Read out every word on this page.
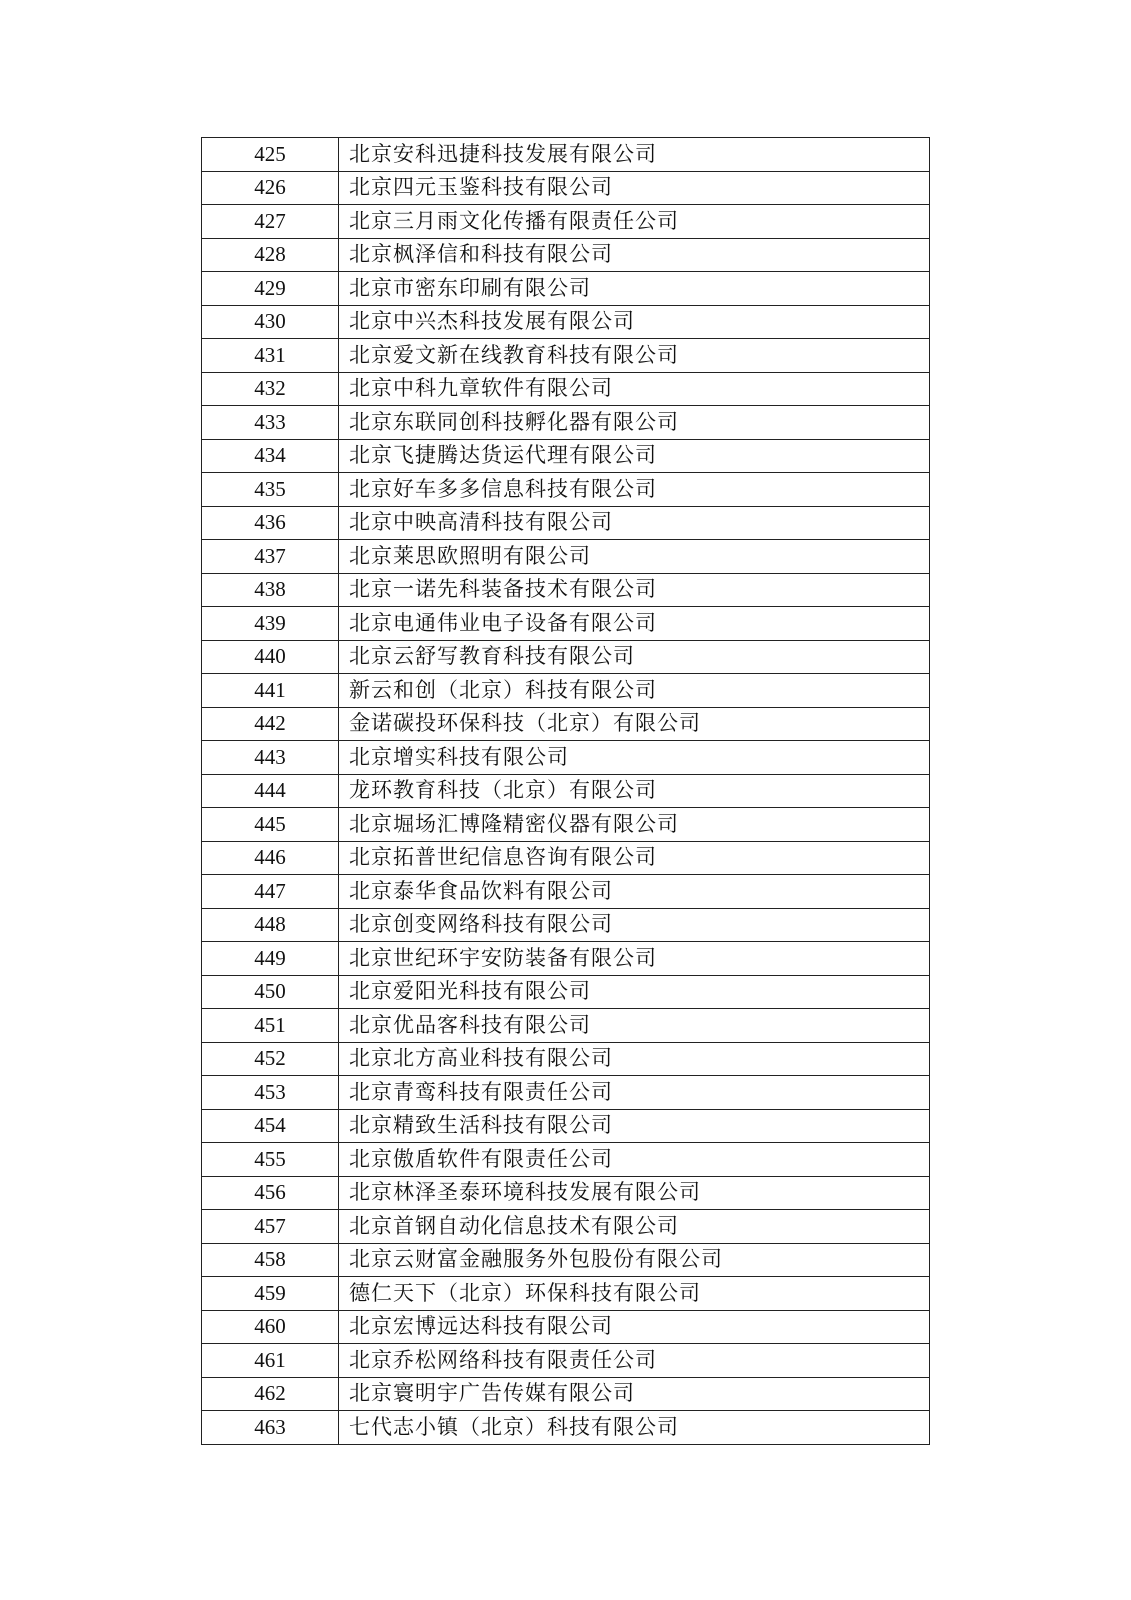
425	北京安科迅捷科技发展有限公司
426	北京四元玉鉴科技有限公司
427	北京三月雨文化传播有限责任公司
428	北京枫泽信和科技有限公司
429	北京市密东印刷有限公司
430	北京中兴杰科技发展有限公司
431	北京爱文新在线教育科技有限公司
432	北京中科九章软件有限公司
433	北京东联同创科技孵化器有限公司
434	北京飞捷腾达货运代理有限公司
435	北京好车多多信息科技有限公司
436	北京中映高清科技有限公司
437	北京莱思欧照明有限公司
438	北京一诺先科装备技术有限公司
439	北京电通伟业电子设备有限公司
440	北京云舒写教育科技有限公司
441	新云和创（北京）科技有限公司
442	金诺碳投环保科技（北京）有限公司
443	北京增实科技有限公司
444	龙环教育科技（北京）有限公司
445	北京堀场汇博隆精密仪器有限公司
446	北京拓普世纪信息咨询有限公司
447	北京泰华食品饮料有限公司
448	北京创变网络科技有限公司
449	北京世纪环宇安防装备有限公司
450	北京爱阳光科技有限公司
451	北京优品客科技有限公司
452	北京北方高业科技有限公司
453	北京青鸾科技有限责任公司
454	北京精致生活科技有限公司
455	北京傲盾软件有限责任公司
456	北京林泽圣泰环境科技发展有限公司
457	北京首钢自动化信息技术有限公司
458	北京云财富金融服务外包股份有限公司
459	德仁天下（北京）环保科技有限公司
460	北京宏博远达科技有限公司
461	北京乔松网络科技有限责任公司
462	北京寰明宇广告传媒有限公司
463	七代志小镇（北京）科技有限公司
